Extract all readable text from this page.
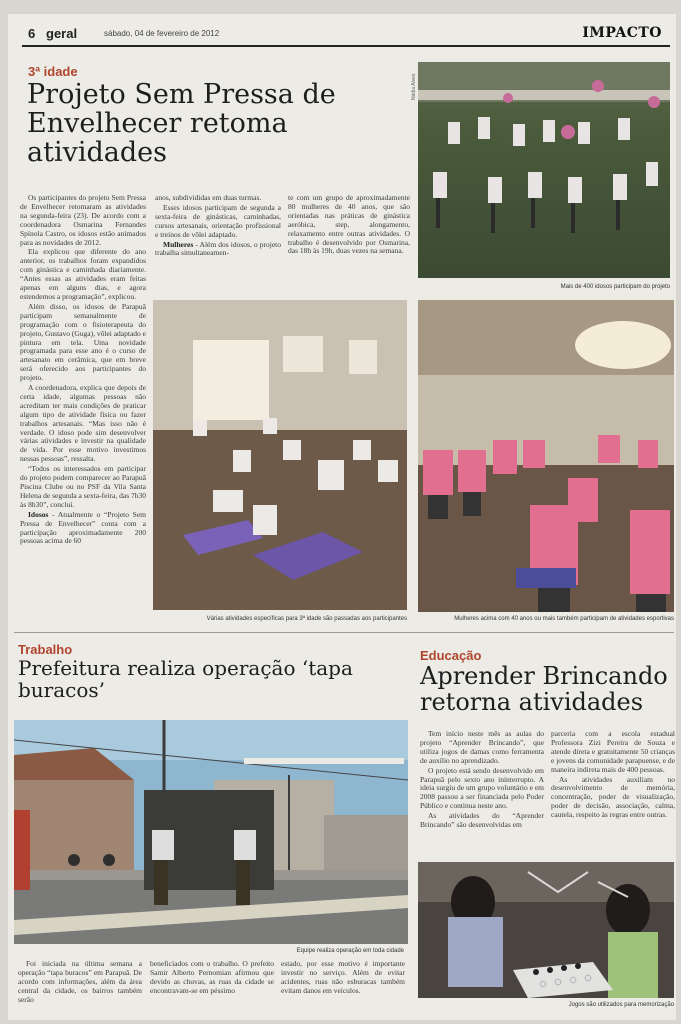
6 geral	sábado, 04 de fevereiro de 2012	IMPACTO
3ª idade
Projeto Sem Pressa de Envelhecer retoma atividades

Os participantes do projeto Sem Pressa de Envelhecer retomaram as atividades na segunda-feira (23). De acordo com a coordenadora Osmarina Fernandes Spínola Castro, os idosos estão animados para as novidades de 2012.

Ela explicou que diferente do ano anterior, os trabalhos foram expandidos com ginástica e caminhada diariamente. “Antes essas as atividades eram feitas apenas em alguns dias, e agora estendemos a programação”, explicou.

Além disso, os idosos de Parapuã participam semanalmente de programação com o fisioterapeuta do projeto, Gustavo (Guga), vôlei adaptado e pintura em tela. Uma novidade programada para esse ano é o curso de artesanato em cerâmica, que em breve será oferecido aos participantes do projeto.

A coordenadora, explica que depois de certa idade, algumas pessoas não acreditam ter mais condições de praticar algum tipo de atividade física ou fazer trabalhos artesanais. “Mas isso não é verdade. O idoso pode sim desenvolver várias atividades e investir na qualidade de vida. Por esse motivo investimos nessas pessoas”, ressalta.

“Todos os interessados em participar do projeto podem comparecer ao Parapuã Piscina Clube ou no PSF da Vila Santa Helena de segunda a sexta-feira, das 7h30 às 8h30”, concluí.

Idosos - Atualmente o “Projeto Sem Pressa de Envelhecer” conta com a participação aproximadamente 200 pessoas acima de 60

anos, subdivididas em duas turmas.

Esses idosos participam de segunda a sexta-feira de ginásticas, caminhadas, cursos artesanais, orientação profissional e treinos de vôlei adaptado.

Mulheres - Além dos idosos, o projeto trabalha simultaneamen-

te com um grupo de aproximadamente 80 mulheres de 40 anos, que são orientadas nas práticas de ginástica aeróbica, step, alongamento, relaxamento entre outras atividades. O trabalho é desenvolvido por Osmarina, das 18h às 19h, duas vezes na semana.

Nádia Alves
Mais de 400 idosos participam do projeto
Várias atividades específicas para 3ª idade são passadas aos participantes	Mulheres acima com 40 anos ou mais também participam de atividades esportivas
Trabalho
Prefeitura realiza operação ‘tapa buracos’
Equipe realiza operação em toda cidade

Foi iniciada na última semana a operação “tapa buracos” em Parapuã. De acordo com informações, além da área central da cidade, os bairros também serão

beneficiados com o trabalho. O prefeito Samir Alberto Pernomian afirmou que devido as chuvas, as ruas da cidade se encontravam-se em péssimo

estado, por esse motivo é importante investir no serviço. Além de evitar acidentes, ruas não esburacas também evitam danos em veículos.

Educação
Aprender Brincando retorna atividades

Tem início neste mês as aulas do projeto “Aprender Brincando”, que utiliza jogos de damas como ferramenta de auxílio no aprendizado.

O projeto está sendo desenvolvido em Parapuã pelo sexto ano ininterrupto. A ideia surgiu de um grupo voluntário e em 2008 passou a ser financiada pelo Poder Público e continua neste ano.

As atividades do “Aprender Brincando” são desenvolvidas em

parceria com a escola estadual Professora Zizi Pereira de Souza e atende direta e gratuitamente 50 crianças e jovens da comunidade parapuense, e de maneira indireta mais de 400 pessoas.

As atividades auxiliam no desenvolvimento de memória, concentração, poder de visualização, poder de decisão, associação, calma, cautela, respeito às regras entre outras.

Jogos são utilizados para memorização
